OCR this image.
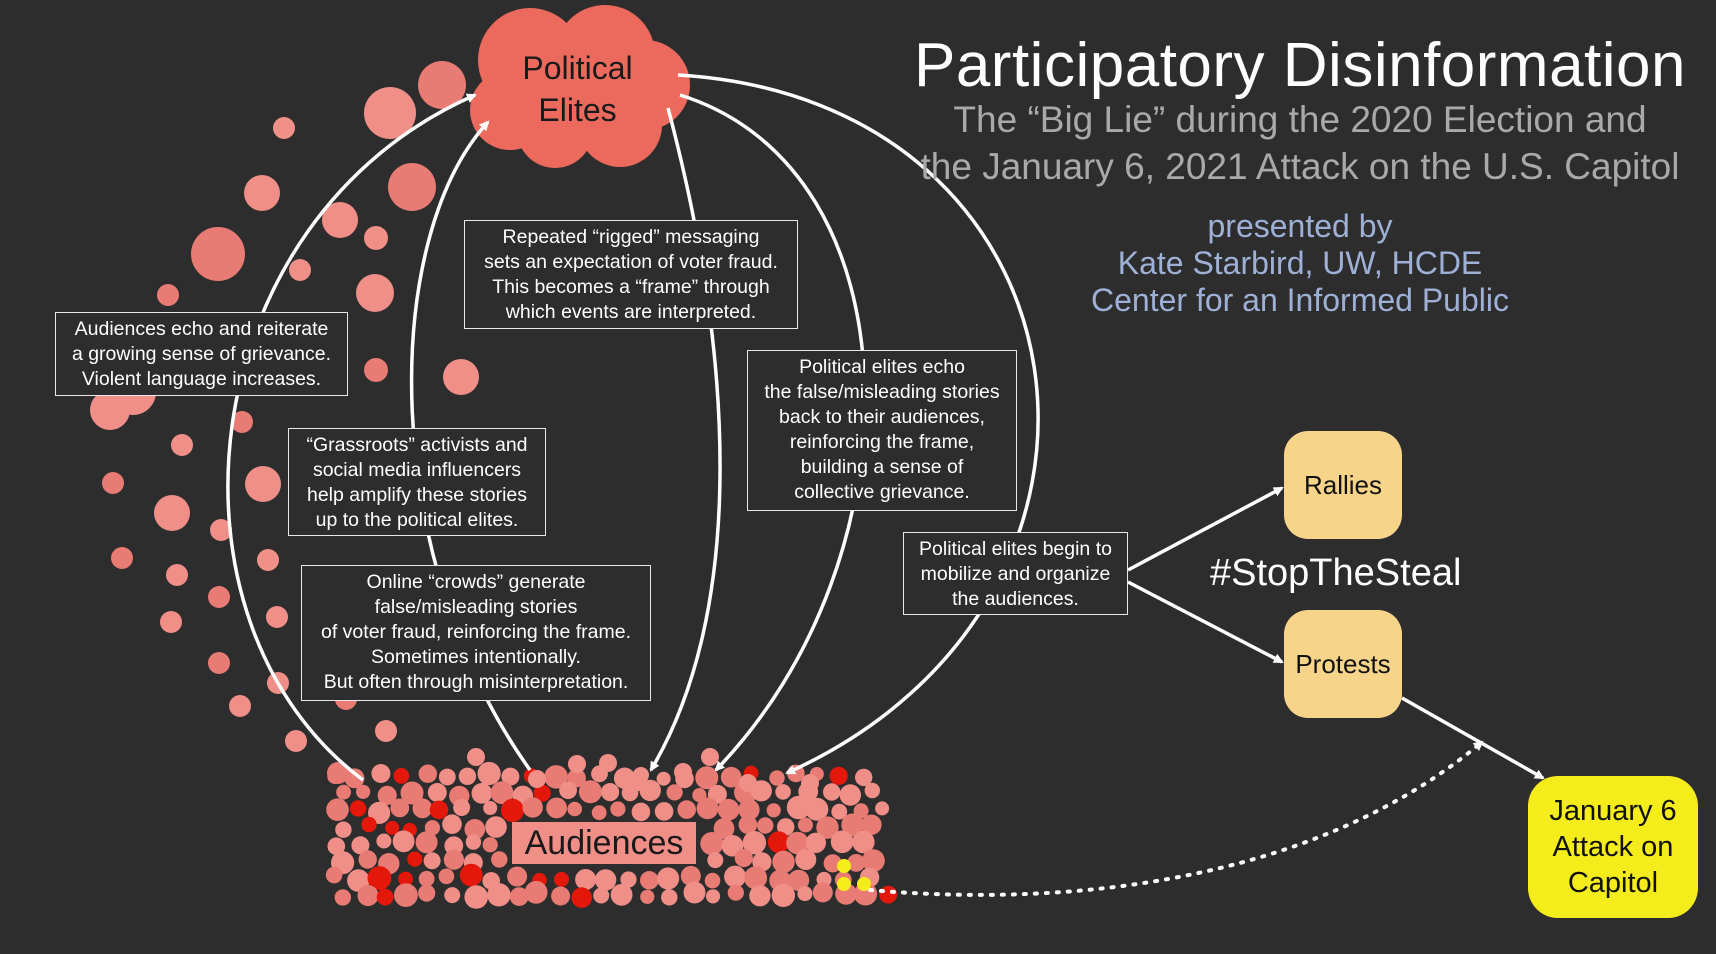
Political
Elites
Audiences
Participatory Disinformation
The “Big Lie” during the 2020 Election and
the January 6, 2021 Attack on the U.S. Capitol
presented by
Kate Starbird, UW, HCDE
Center for an Informed Public
Audiences echo and reiterate
a growing sense of grievance.
Violent language increases.
Repeated “rigged” messaging
sets an expectation of voter fraud.
This becomes a “frame” through
which events are interpreted.
Political elites echo
the false/misleading stories
back to their audiences,
reinforcing the frame,
building a sense of
collective grievance.
“Grassroots” activists and
social media influencers
help amplify these stories
up to the political elites.
Online “crowds” generate
false/misleading stories
of voter fraud, reinforcing the frame.
Sometimes intentionally.
But often through misinterpretation.
Political elites begin to
mobilize and organize
the audiences.
Rallies
#StopTheSteal
Protests
January 6
Attack on
Capitol
